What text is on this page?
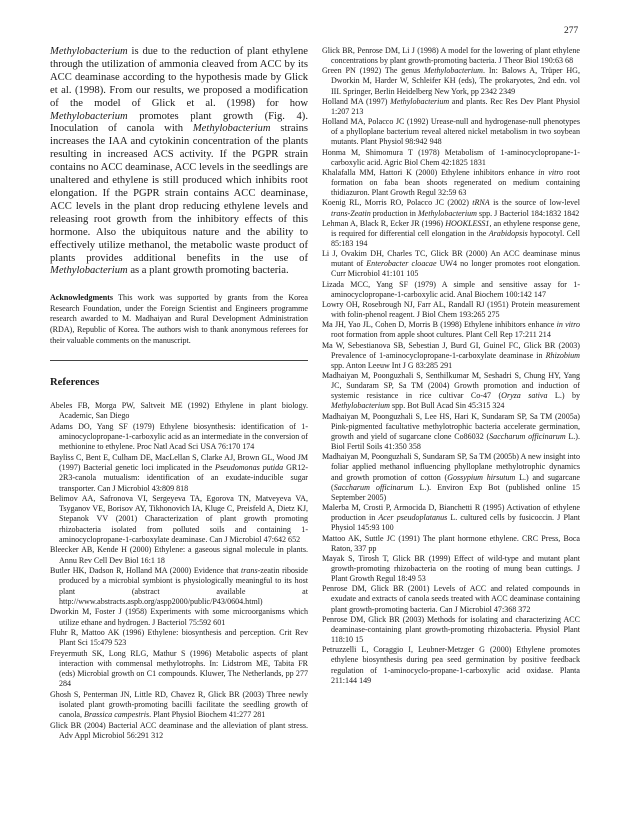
277

Methylobacterium is due to the reduction of plant ethylene through the utilization of ammonia cleaved from ACC by its ACC deaminase according to the hypothesis made by Glick et al. (1998). From our results, we proposed a modification of the model of Glick et al. (1998) for how Methylobacterium promotes plant growth (Fig. 4). Inoculation of canola with Methylobacterium strains increases the IAA and cytokinin concentration of the plants resulting in increased ACS activity. If the PGPR strain contains no ACC deaminase, ACC levels in the seedlings are unaltered and ethylene is still produced which inhibits root elongation. If the PGPR strain contains ACC deaminase, ACC levels in the plant drop reducing ethylene levels and releasing root growth from the inhibitory effects of this hormone. Also the ubiquitous nature and the ability to effectively utilize methanol, the metabolic waste product of plants provides additional benefits in the use of Methylobacterium as a plant growth promoting bacteria.

Acknowledgments This work was supported by grants from the Korea Research Foundation, under the Foreign Scientist and Engineers programme research awarded to M. Madhaiyan and Rural Development Administration (RDA), Republic of Korea. The authors wish to thank anonymous referees for their valuable comments on the manuscript.

References

Abeles FB, Morga PW, Saltveit ME (1992) Ethylene in plant biology. Academic, San Diego

Adams DO, Yang SF (1979) Ethylene biosynthesis: identification of 1-aminocyclopropane-1-carboxylic acid as an intermediate in the conversion of methionine to ethylene. Proc Natl Acad Sci USA 76:170 174

Bayliss C, Bent E, Culham DE, MacLellan S, Clarke AJ, Brown GL, Wood JM (1997) Bacterial genetic loci implicated in the Pseudomonas putida GR12-2R3-canola mutualism: identification of an exudate-inducible sugar transporter. Can J Microbiol 43:809 818

Belimov AA, Safronova VI, Sergeyeva TA, Egorova TN, Matveyeva VA, Tsyganov VE, Borisov AY, Tikhonovich IA, Kluge C, Preisfeld A, Dietz KJ, Stepanok VV (2001) Characterization of plant growth promoting rhizobacteria isolated from polluted soils and containing 1-aminocyclopropane-1-carboxylate deaminase. Can J Microbiol 47:642 652

Bleecker AB, Kende H (2000) Ethylene: a gaseous signal molecule in plants. Annu Rev Cell Dev Biol 16:1 18

Butler HK, Dadson R, Holland MA (2000) Evidence that trans-zeatin riboside produced by a microbial symbiont is physiologically meaningful to its host plant (abstract available at http://www.abstracts.aspb.org/aspp2000/public/P43/0604.html)

Dworkin M, Foster J (1958) Experiments with some microorganisms which utilize ethane and hydrogen. J Bacteriol 75:592 601

Fluhr R, Mattoo AK (1996) Ethylene: biosynthesis and perception. Crit Rev Plant Sci 15:479 523

Freyermuth SK, Long RLG, Mathur S (1996) Metabolic aspects of plant interaction with commensal methylotrophs. In: Lidstrom ME, Tabita FR (eds) Microbial growth on C1 compounds. Kluwer, The Netherlands, pp 277 284

Ghosh S, Penterman JN, Little RD, Chavez R, Glick BR (2003) Three newly isolated plant growth-promoting bacilli facilitate the seedling growth of canola, Brassica campestris. Plant Physiol Biochem 41:277 281

Glick BR (2004) Bacterial ACC deaminase and the alleviation of plant stress. Adv Appl Microbiol 56:291 312

Glick BR, Penrose DM, Li J (1998) A model for the lowering of plant ethylene concentrations by plant growth-promoting bacteria. J Theor Biol 190:63 68

Green PN (1992) The genus Methylobacterium. In: Balows A, Trüper HG, Dworkin M, Harder W, Schleifer KH (eds), The prokaryotes, 2nd edn. vol III. Springer, Berlin Heidelberg New York, pp 2342 2349

Holland MA (1997) Methylobacterium and plants. Rec Res Dev Plant Physiol 1:207 213

Holland MA, Polacco JC (1992) Urease-null and hydrogenase-null phenotypes of a phylloplane bacterium reveal altered nickel metabolism in two soybean mutants. Plant Physiol 98:942 948

Honma M, Shimomura T (1978) Metabolism of 1-aminocyclopropane-1-carboxylic acid. Agric Biol Chem 42:1825 1831

Khalafalla MM, Hattori K (2000) Ethylene inhibitors enhance in vitro root formation on faba bean shoots regenerated on medium containing thidiazuron. Plant Growth Regul 32:59 63

Koenig RL, Morris RO, Polacco JC (2002) tRNA is the source of low-level trans-Zeatin production in Methylobacterium spp. J Bacteriol 184:1832 1842

Lehman A, Black R, Ecker JR (1996) HOOKLESS1, an ethylene response gene, is required for differential cell elongation in the Arabidopsis hypocotyl. Cell 85:183 194

Li J, Ovakim DH, Charles TC, Glick BR (2000) An ACC deaminase minus mutant of Enterobacter cloacae UW4 no longer promotes root elongation. Curr Microbiol 41:101 105

Lizada MCC, Yang SF (1979) A simple and sensitive assay for 1-aminocyclopropane-1-carboxylic acid. Anal Biochem 100:142 147

Lowry OH, Rosebrough NJ, Farr AL, Randall RJ (1951) Protein measurement with folin-phenol reagent. J Biol Chem 193:265 275

Ma JH, Yao JL, Cohen D, Morris B (1998) Ethylene inhibitors enhance in vitro root formation from apple shoot cultures. Plant Cell Rep 17:211 214

Ma W, Sebestianova SB, Sebestian J, Burd GI, Guinel FC, Glick BR (2003) Prevalence of 1-aminocyclopropane-1-carboxylate deaminase in Rhizobium spp. Anton Leeuw Int J G 83:285 291

Madhaiyan M, Poonguzhali S, Senthilkumar M, Seshadri S, Chung HY, Yang JC, Sundaram SP, Sa TM (2004) Growth promotion and induction of systemic resistance in rice cultivar Co-47 (Oryza sativa L.) by Methylobacterium spp. Bot Bull Acad Sin 45:315 324

Madhaiyan M, Poonguzhali S, Lee HS, Hari K, Sundaram SP, Sa TM (2005a) Pink-pigmented facultative methylotrophic bacteria accelerate germination, growth and yield of sugarcane clone Co86032 (Saccharum officinarum L.). Biol Fertil Soils 41:350 358

Madhaiyan M, Poonguzhali S, Sundaram SP, Sa TM (2005b) A new insight into foliar applied methanol influencing phylloplane methylotrophic dynamics and growth promotion of cotton (Gossypium hirsutum L.) and sugarcane (Saccharum officinarum L.). Environ Exp Bot (published online 15 September 2005)

Malerba M, Crosti P, Armocida D, Bianchetti R (1995) Activation of ethylene production in Acer pseudoplatanus L. cultured cells by fusicoccin. J Plant Physiol 145:93 100

Mattoo AK, Suttle JC (1991) The plant hormone ethylene. CRC Press, Boca Raton, 337 pp

Mayak S, Tirosh T, Glick BR (1999) Effect of wild-type and mutant plant growth-promoting rhizobacteria on the rooting of mung bean cuttings. J Plant Growth Regul 18:49 53

Penrose DM, Glick BR (2001) Levels of ACC and related compounds in exudate and extracts of canola seeds treated with ACC deaminase containing plant growth-promoting bacteria. Can J Microbiol 47:368 372

Penrose DM, Glick BR (2003) Methods for isolating and characterizing ACC deaminase-containing plant growth-promoting rhizobacteria. Physiol Plant 118:10 15

Petruzzelli L, Coraggio I, Leubner-Metzger G (2000) Ethylene promotes ethylene biosynthesis during pea seed germination by positive feedback regulation of 1-aminocyclo-propane-1-carboxylic acid oxidase. Planta 211:144 149
